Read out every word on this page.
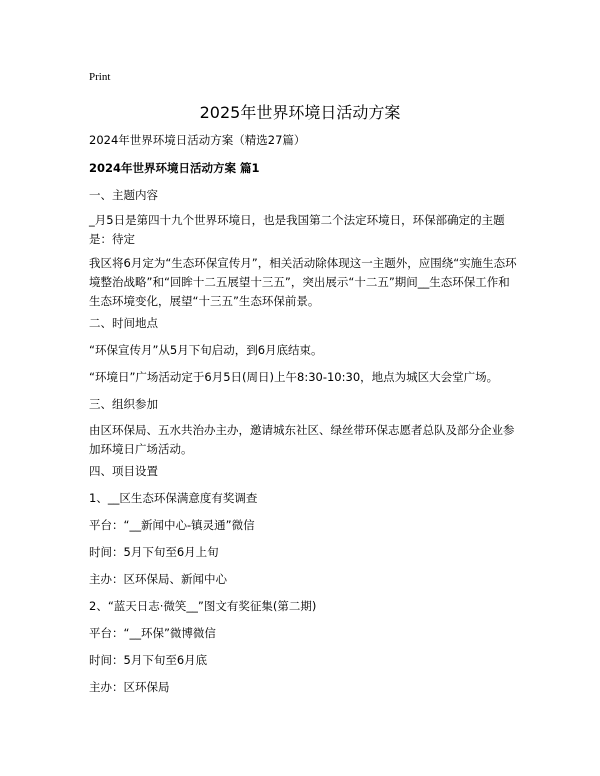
Print
2025年世界环境日活动方案
2024年世界环境日活动方案（精选27篇）
2024年世界环境日活动方案 篇1
一、主题内容
_月5日是第四十九个世界环境日，也是我国第二个法定环境日，环保部确定的主题是：待定
我区将6月定为“生态环保宣传月”，相关活动除体现这一主题外，应围绕“实施生态环境整治战略”和“回眸十二五展望十三五”，突出展示“十二五”期间__生态环保工作和生态环境变化，展望“十三五”生态环保前景。
二、时间地点
“环保宣传月”从5月下旬启动，到6月底结束。
“环境日”广场活动定于6月5日(周日)上午8:30-10:30，地点为城区大会堂广场。
三、组织参加
由区环保局、五水共治办主办，邀请城东社区、绿丝带环保志愿者总队及部分企业参加环境日广场活动。
四、项目设置
1、__区生态环保满意度有奖调查
平台：“__新闻中心-镇灵通”微信
时间：5月下旬至6月上旬
主办：区环保局、新闻中心
2、“蓝天日志·微笑__”图文有奖征集(第二期)
平台：“__环保”微博微信
时间：5月下旬至6月底
主办：区环保局
